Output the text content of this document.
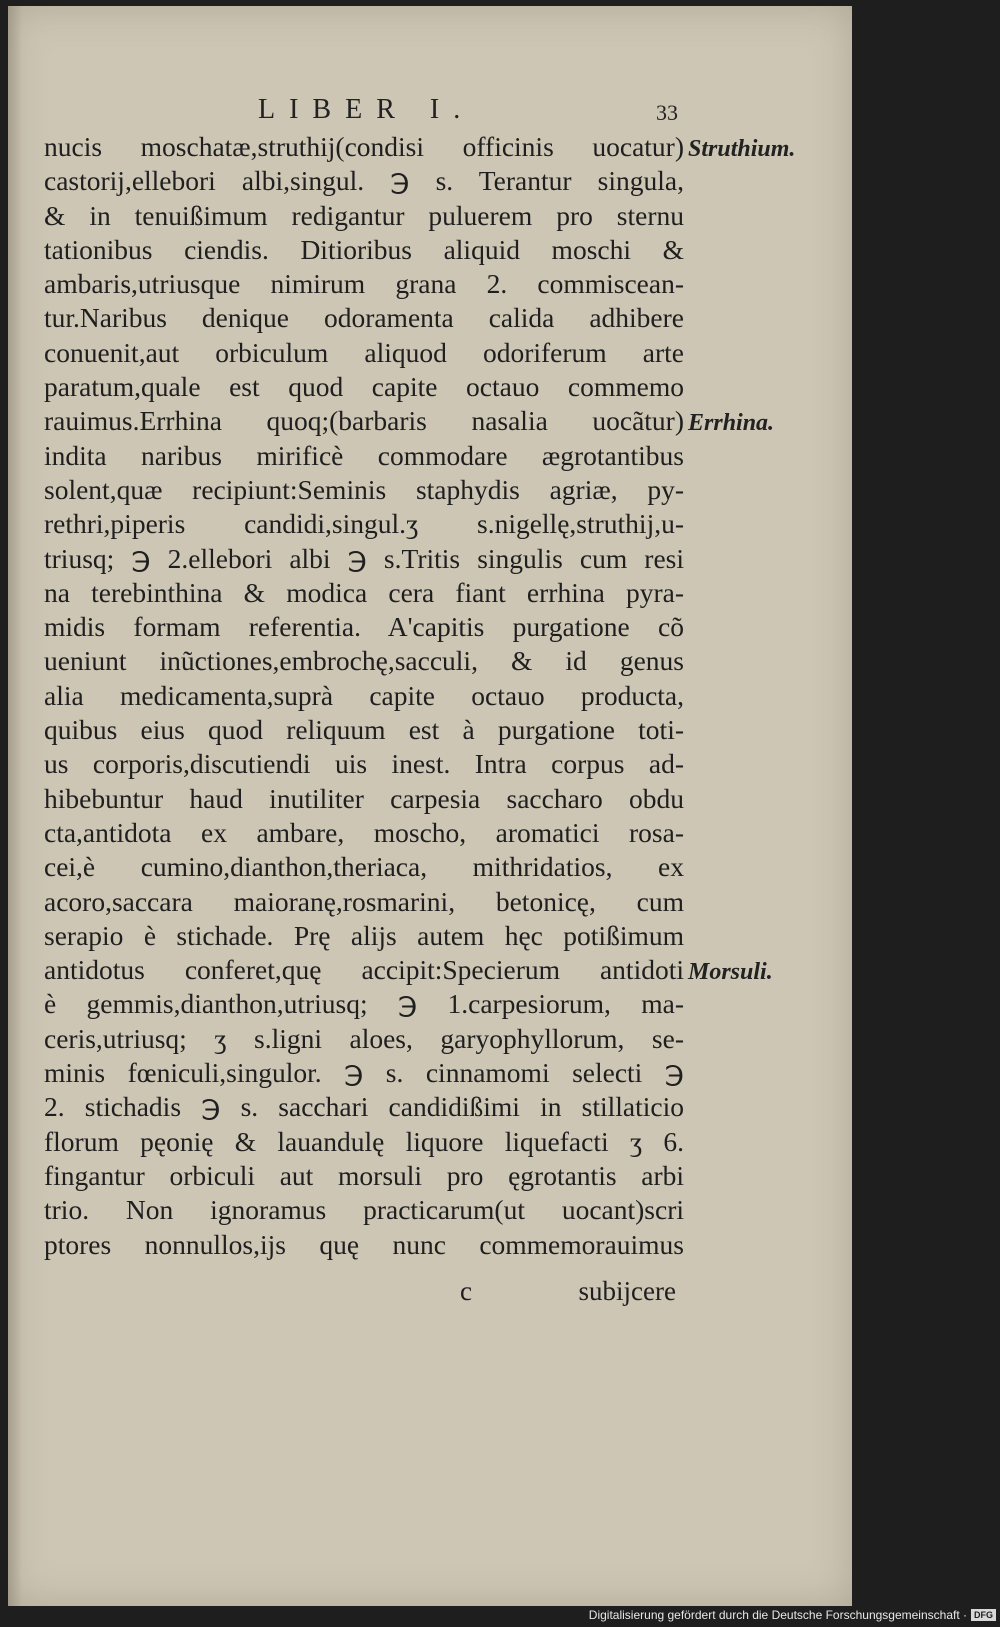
LIBER I.	33
nucis moschatæ,struthij(condisi officinis uocatur)
castorij,ellebori albi,singul. ℈ s. Terantur singula,
& in tenuißimum redigantur puluerem pro sternu
tationibus ciendis. Ditioribus aliquid moschi &
ambaris,utriusque nimirum grana 2. commiscean-
tur.Naribus denique odoramenta calida adhibere
conuenit,aut orbiculum aliquod odoriferum arte
paratum,quale est quod capite octauo commemo
rauimus.Errhina quoq;(barbaris nasalia uocãtur)
indita naribus mirificè commodare ægrotantibus
solent,quæ recipiunt:Seminis staphydis agriæ, py-
rethri,piperis candidi,singul.ʒ s.nigellę,struthij,u-
triusq; ℈ 2.ellebori albi ℈ s.Tritis singulis cum resi
na terebinthina & modica cera fiant errhina pyra-
midis formam referentia. A'capitis purgatione cõ
ueniunt inũctiones,embrochę,sacculi, & id genus
alia medicamenta,suprà capite octauo producta,
quibus eius quod reliquum est à purgatione toti-
us corporis,discutiendi uis inest. Intra corpus ad-
hibebuntur haud inutiliter carpesia saccharo obdu
cta,antidota ex ambare, moscho, aromatici rosa-
cei,è cumino,dianthon,theriaca, mithridatios, ex
acoro,saccara maioranę,rosmarini, betonicę, cum
serapio è stichade. Prę alijs autem hęc potißimum
antidotus conferet,quę accipit:Specierum antidoti
è gemmis,dianthon,utriusq; ℈ 1.carpesiorum, ma-
ceris,utriusq; ʒ s.ligni aloes, garyophyllorum, se-
minis fœniculi,singulor. ℈ s. cinnamomi selecti ℈
2. stichadis ℈ s. sacchari candidißimi in stillaticio
florum pęonię & lauandulę liquore liquefacti ʒ 6.
fingantur orbiculi aut morsuli pro ęgrotantis arbi
trio. Non ignoramus practicarum(ut uocant)scri
ptores nonnullos,ijs quę nunc commemorauimus
Struthium.
Errhina.
Morsuli.
c	subijcere
Digitalisierung gefördert durch die Deutsche Forschungsgemeinschaft · DFG
